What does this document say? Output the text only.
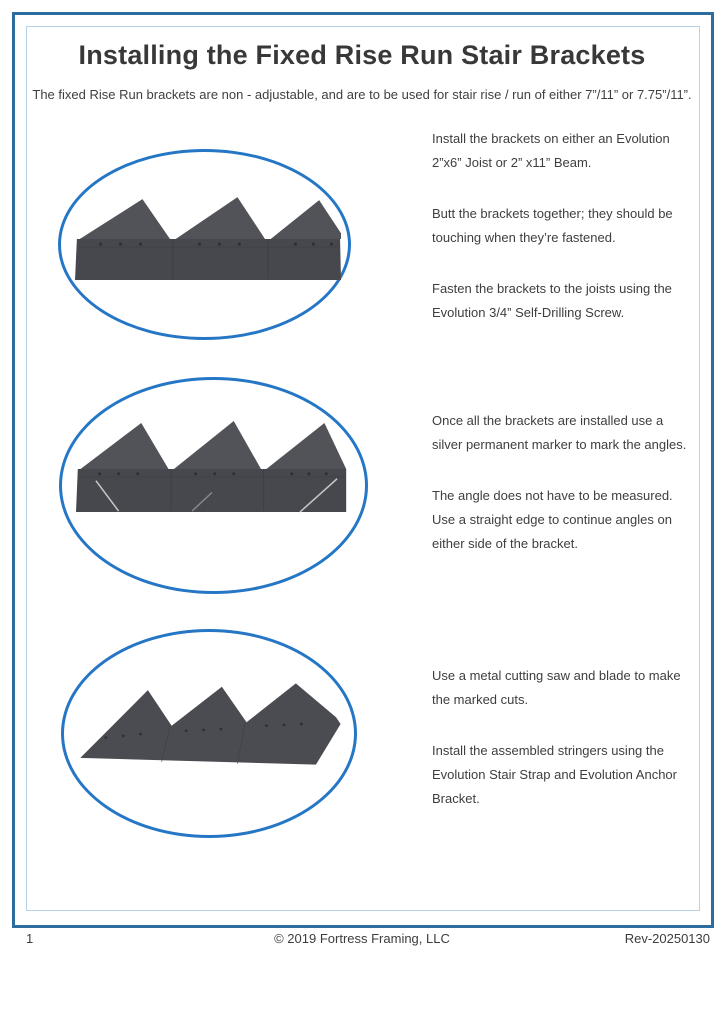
Installing the Fixed Rise Run Stair Brackets
The fixed Rise Run brackets are non - adjustable, and are to be used for stair rise / run of either 7”/11” or 7.75”/11”.
Install the brackets on either an Evolution
2”x6” Joist or 2” x11” Beam.
Butt the brackets together; they should be
touching when they’re fastened.
Fasten the brackets to the joists using the
Evolution 3/4” Self-Drilling Screw.
Once all the brackets are installed use a
silver permanent marker to mark the angles.
The angle does not have to be measured.
Use a straight edge to continue angles on
either side of the bracket.
Use a metal cutting saw and blade to make
the marked cuts.
Install the assembled stringers using the
Evolution Stair Strap and Evolution Anchor
Bracket.
1	© 2019 Fortress Framing, LLC	Rev-20250130
